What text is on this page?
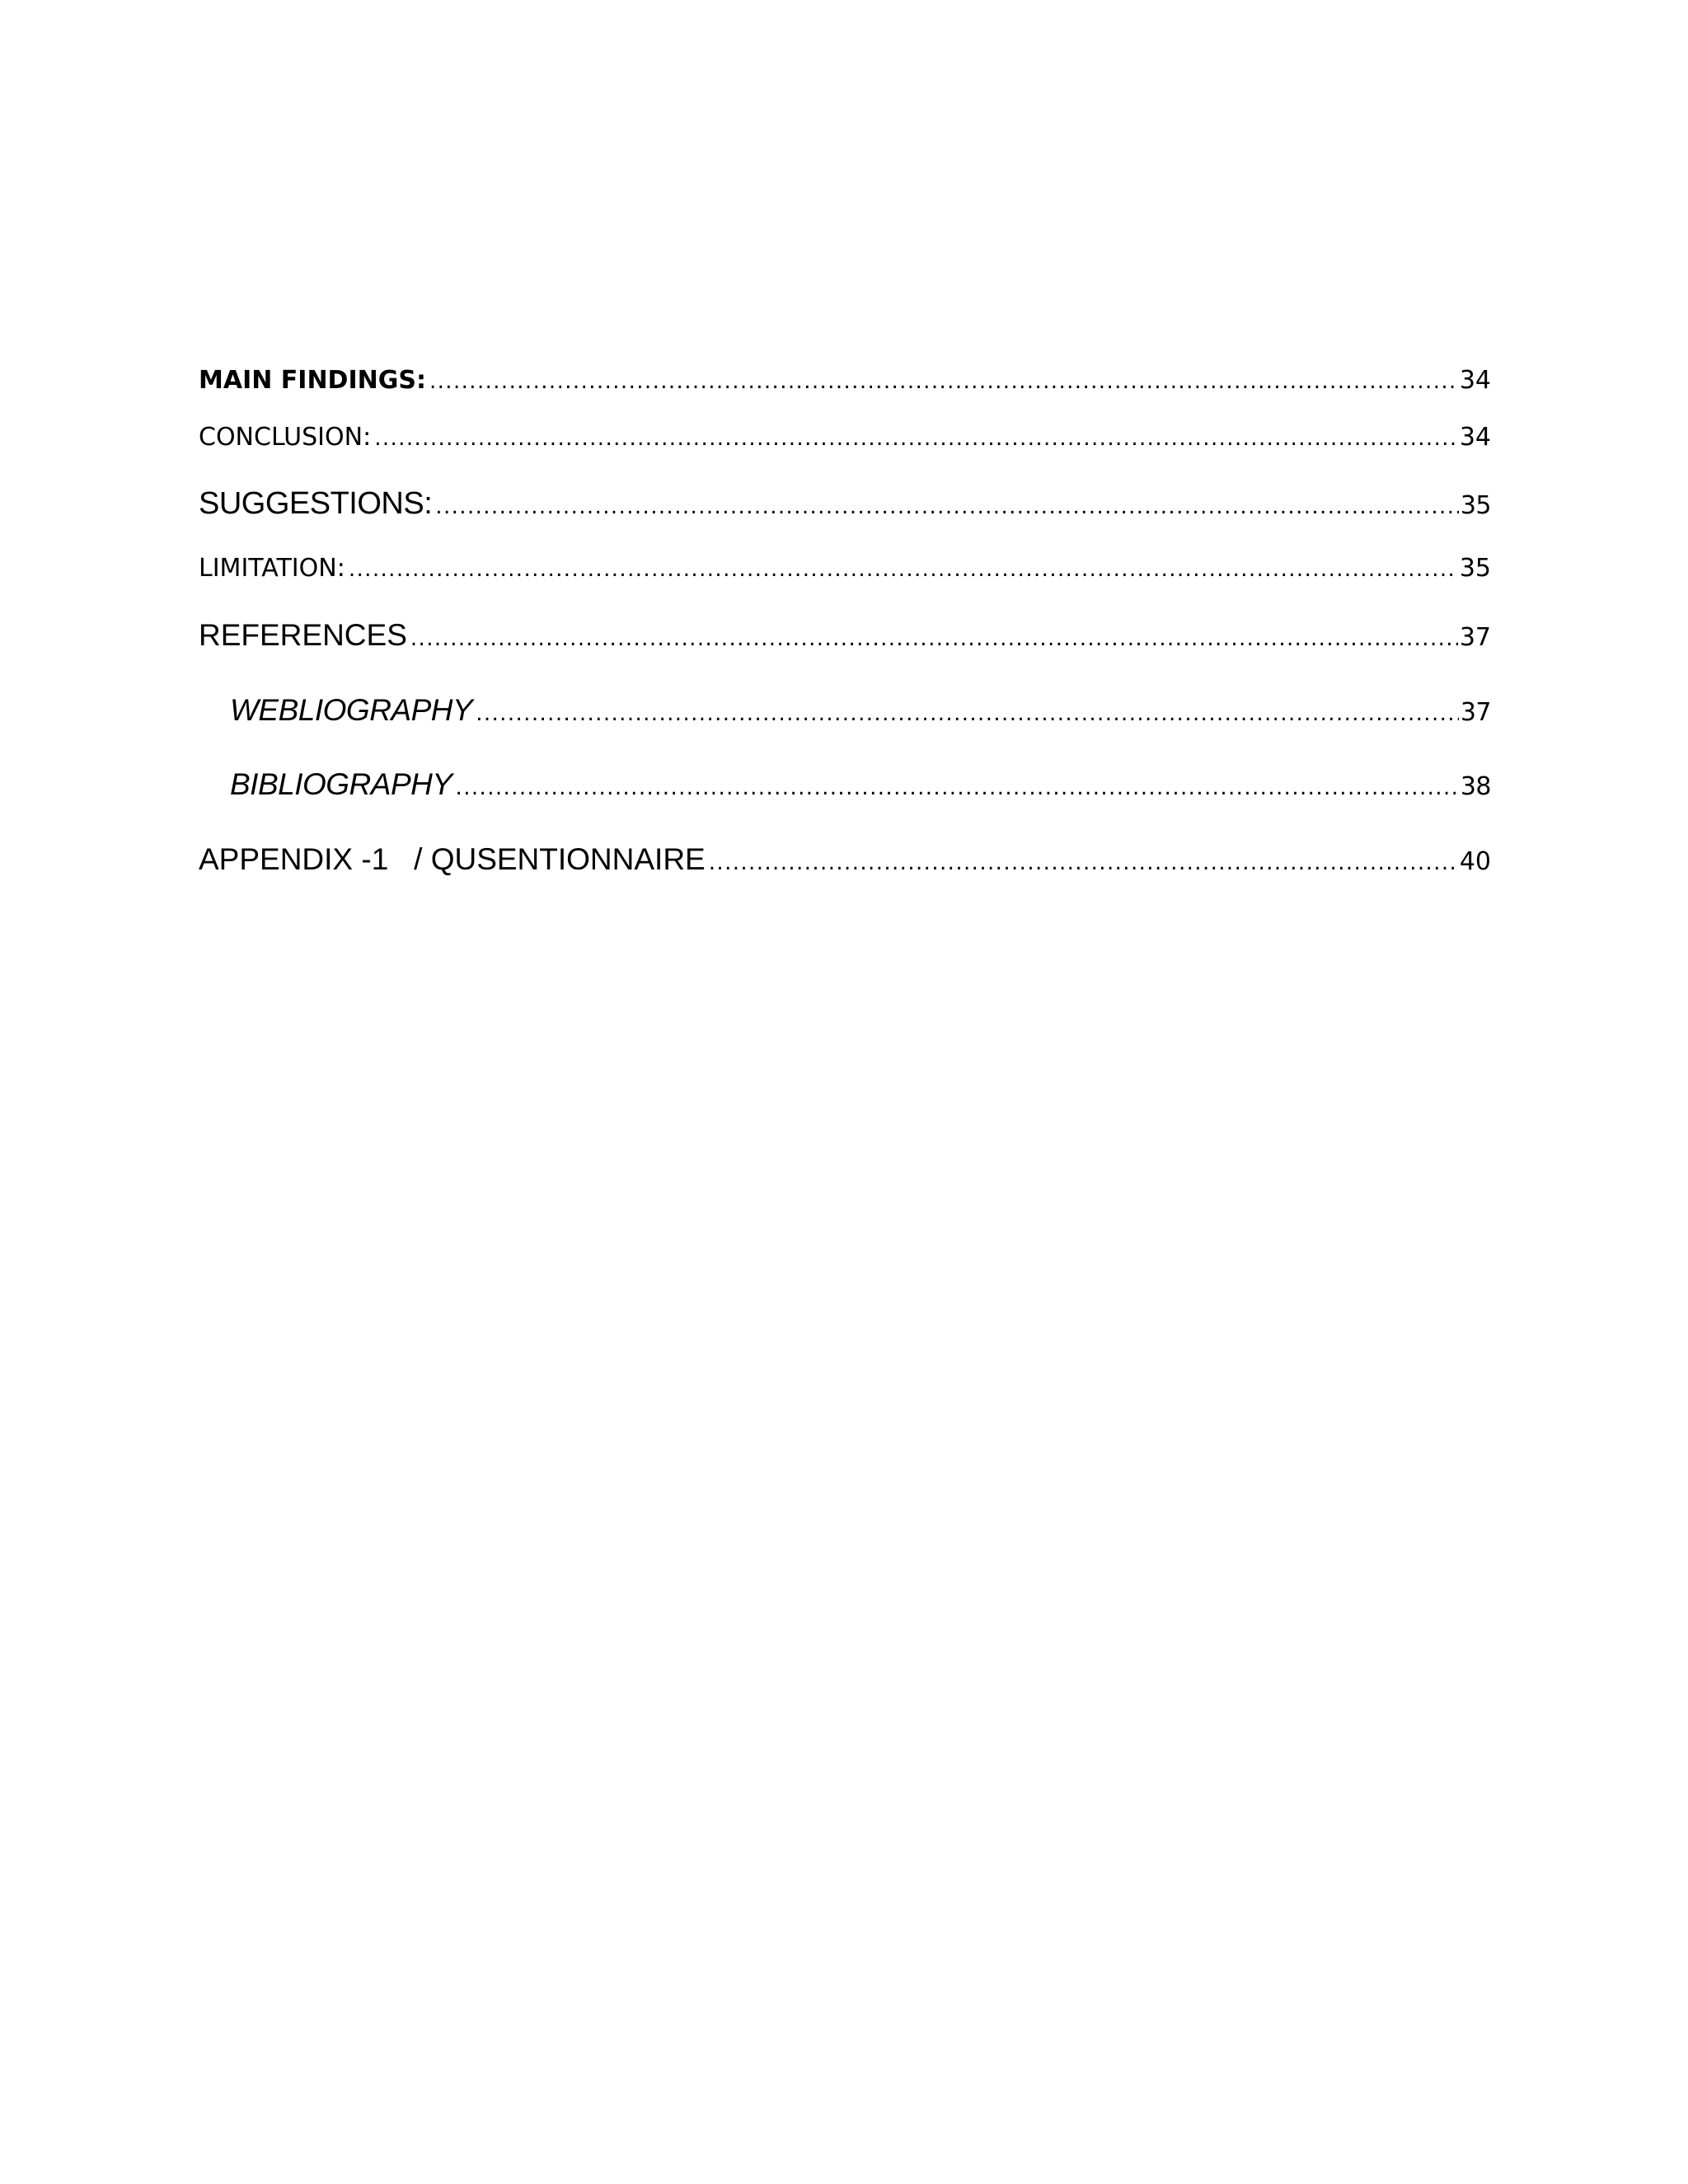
MAIN FINDINGS: .....	34
CONCLUSION: .....	34
SUGGESTIONS: .....	35
LIMITATION: .....	35
REFERENCES .....	37
WEBLIOGRAPHY .....	37
BIBLIOGRAPHY .....	38
APPENDIX -1   / QUSENTIONNAIRE .....	40
